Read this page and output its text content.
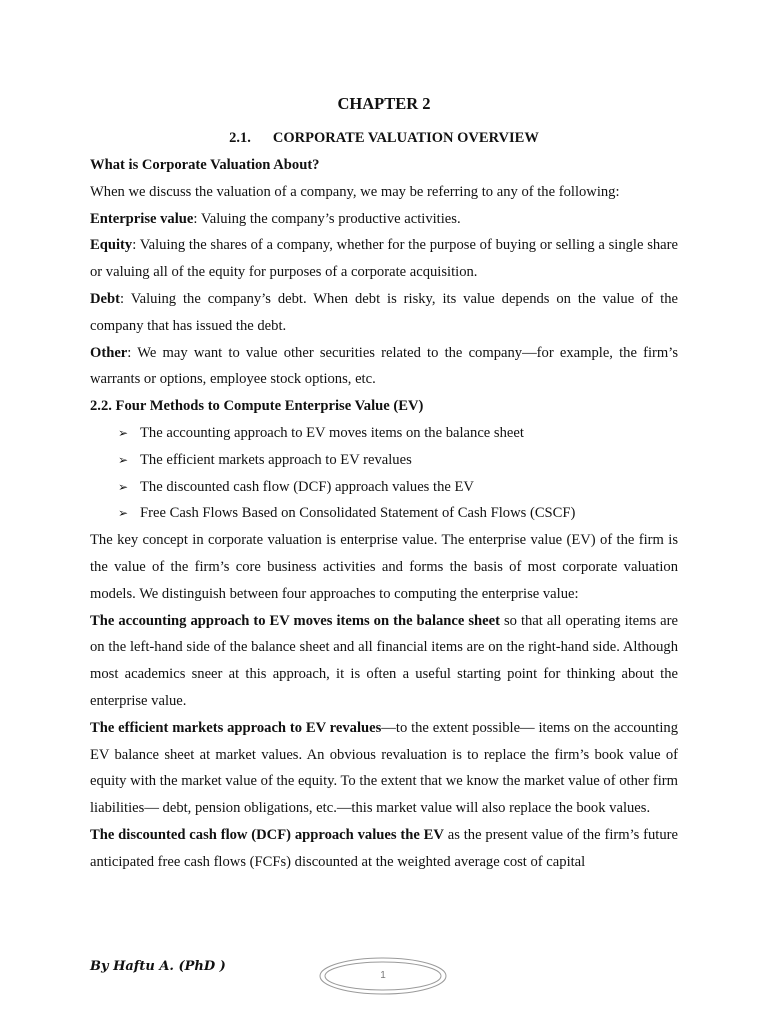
CHAPTER 2
2.1. CORPORATE VALUATION OVERVIEW
What is Corporate Valuation About?

When we discuss the valuation of a company, we may be referring to any of the following:

Enterprise value: Valuing the company’s productive activities.

Equity: Valuing the shares of a company, whether for the purpose of buying or selling a single share or valuing all of the equity for purposes of a corporate acquisition.

Debt: Valuing the company’s debt. When debt is risky, its value depends on the value of the company that has issued the debt.

Other: We may want to value other securities related to the company—for example, the firm’s warrants or options, employee stock options, etc.

2.2. Four Methods to Compute Enterprise Value (EV)
➢ The accounting approach to EV moves items on the balance sheet
➢ The efficient markets approach to EV revalues
➢ The discounted cash flow (DCF) approach values the EV
➢ Free Cash Flows Based on Consolidated Statement of Cash Flows (CSCF)

The key concept in corporate valuation is enterprise value. The enterprise value (EV) of the firm is the value of the firm’s core business activities and forms the basis of most corporate valuation models. We distinguish between four approaches to computing the enterprise value:

The accounting approach to EV moves items on the balance sheet so that all operating items are on the left-hand side of the balance sheet and all financial items are on the right-hand side. Although most academics sneer at this approach, it is often a useful starting point for thinking about the enterprise value.

The efficient markets approach to EV revalues—to the extent possible— items on the accounting EV balance sheet at market values. An obvious revaluation is to replace the firm’s book value of equity with the market value of the equity. To the extent that we know the market value of other firm liabilities— debt, pension obligations, etc.—this market value will also replace the book values.

The discounted cash flow (DCF) approach values the EV as the present value of the firm’s future anticipated free cash flows (FCFs) discounted at the weighted average cost of capital

By Haftu A. (PhD )
1
